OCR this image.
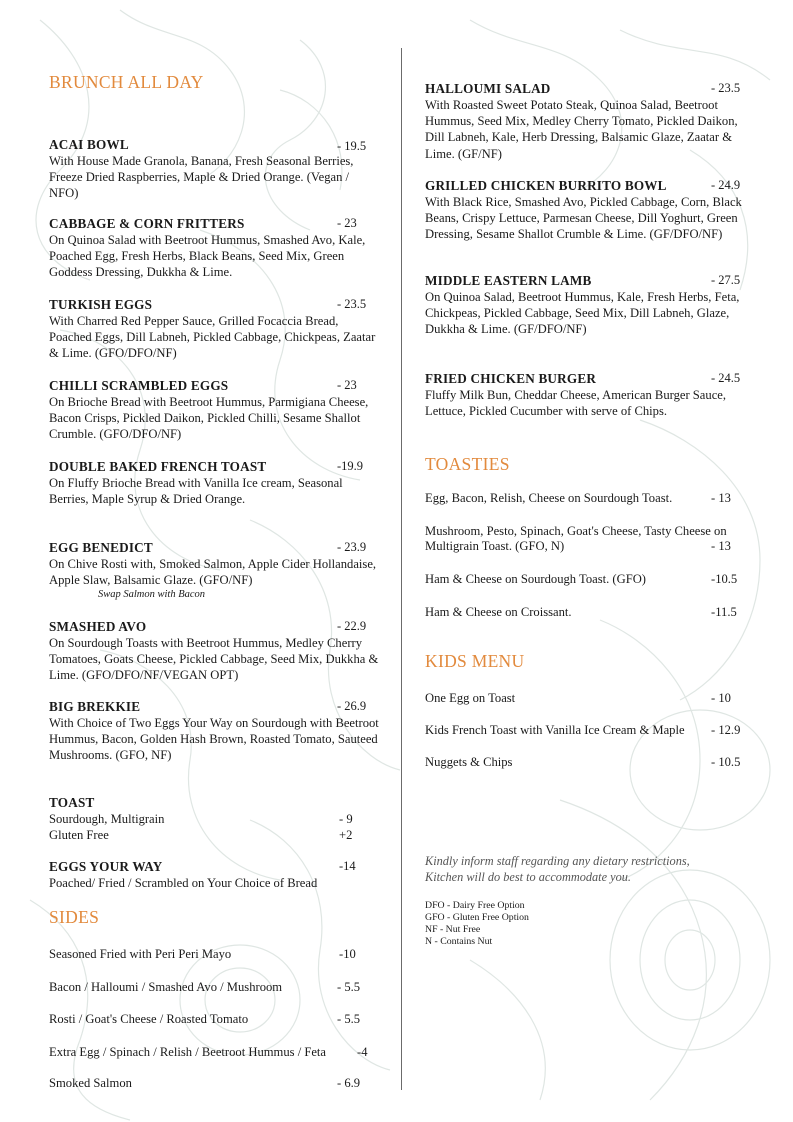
BRUNCH ALL DAY
ACAI BOWL	- 19.5
With House Made Granola, Banana, Fresh Seasonal Berries, Freeze Dried Raspberries, Maple & Dried Orange. (Vegan / NFO)
CABBAGE & CORN FRITTERS	- 23
On Quinoa Salad with Beetroot Hummus, Smashed Avo, Kale, Poached Egg, Fresh Herbs, Black Beans, Seed Mix, Green Goddess Dressing, Dukkha & Lime.
TURKISH EGGS	- 23.5
With Charred Red Pepper Sauce, Grilled Focaccia Bread, Poached Eggs, Dill Labneh, Pickled Cabbage, Chickpeas, Zaatar & Lime. (GFO/DFO/NF)
CHILLI SCRAMBLED EGGS	- 23
On Brioche Bread with Beetroot Hummus, Parmigiana Cheese, Bacon Crisps, Pickled Daikon, Pickled Chilli, Sesame Shallot Crumble. (GFO/DFO/NF)
DOUBLE BAKED FRENCH TOAST	-19.9
On Fluffy Brioche Bread with Vanilla Ice cream, Seasonal Berries, Maple Syrup & Dried Orange.
EGG BENEDICT	- 23.9
On Chive Rosti with, Smoked Salmon, Apple Cider Hollandaise, Apple Slaw, Balsamic Glaze. (GFO/NF)
Swap Salmon with Bacon
SMASHED AVO	- 22.9
On Sourdough Toasts with Beetroot Hummus, Medley Cherry Tomatoes, Goats Cheese, Pickled Cabbage, Seed Mix, Dukkha & Lime. (GFO/DFO/NF/VEGAN OPT)
BIG BREKKIE	- 26.9
With Choice of Two Eggs Your Way on Sourdough with Beetroot Hummus, Bacon, Golden Hash Brown, Roasted Tomato, Sauteed Mushrooms. (GFO, NF)
TOAST
Sourdough, Multigrain	- 9
Gluten Free	+2
EGGS YOUR WAY	-14
Poached/ Fried / Scrambled on Your Choice of Bread
SIDES
Seasoned Fried with Peri Peri Mayo	-10
Bacon / Halloumi / Smashed Avo / Mushroom	- 5.5
Rosti / Goat's Cheese / Roasted Tomato	- 5.5
Extra Egg / Spinach / Relish / Beetroot Hummus / Feta -4
Smoked Salmon	- 6.9
HALLOUMI SALAD	- 23.5
With Roasted Sweet Potato Steak, Quinoa Salad, Beetroot Hummus, Seed Mix, Medley Cherry Tomato, Pickled Daikon, Dill Labneh, Kale, Herb Dressing, Balsamic Glaze, Zaatar & Lime. (GF/NF)
GRILLED CHICKEN BURRITO BOWL	- 24.9
With Black Rice, Smashed Avo, Pickled Cabbage, Corn, Black Beans, Crispy Lettuce, Parmesan Cheese, Dill Yoghurt, Green Dressing, Sesame Shallot Crumble & Lime. (GF/DFO/NF)
MIDDLE EASTERN LAMB	- 27.5
On Quinoa Salad, Beetroot Hummus, Kale, Fresh Herbs, Feta, Chickpeas, Pickled Cabbage, Seed Mix, Dill Labneh, Glaze, Dukkha & Lime. (GF/DFO/NF)
FRIED CHICKEN BURGER	- 24.5
Fluffy Milk Bun, Cheddar Cheese, American Burger Sauce, Lettuce, Pickled Cucumber with serve of Chips.
TOASTIES
Egg, Bacon, Relish, Cheese on Sourdough Toast.	- 13
Mushroom, Pesto, Spinach, Goat's Cheese, Tasty Cheese on
Multigrain Toast. (GFO, N)	- 13
Ham & Cheese on Sourdough Toast. (GFO)	-10.5
Ham & Cheese on Croissant.	-11.5
KIDS MENU
One Egg on Toast	- 10
Kids French Toast with Vanilla Ice Cream & Maple - 12.9
Nuggets & Chips	- 10.5
Kindly inform staff regarding any dietary restrictions,
Kitchen will do best to accommodate you.
DFO - Dairy Free Option
GFO - Gluten Free Option
NF - Nut Free
N - Contains Nut
